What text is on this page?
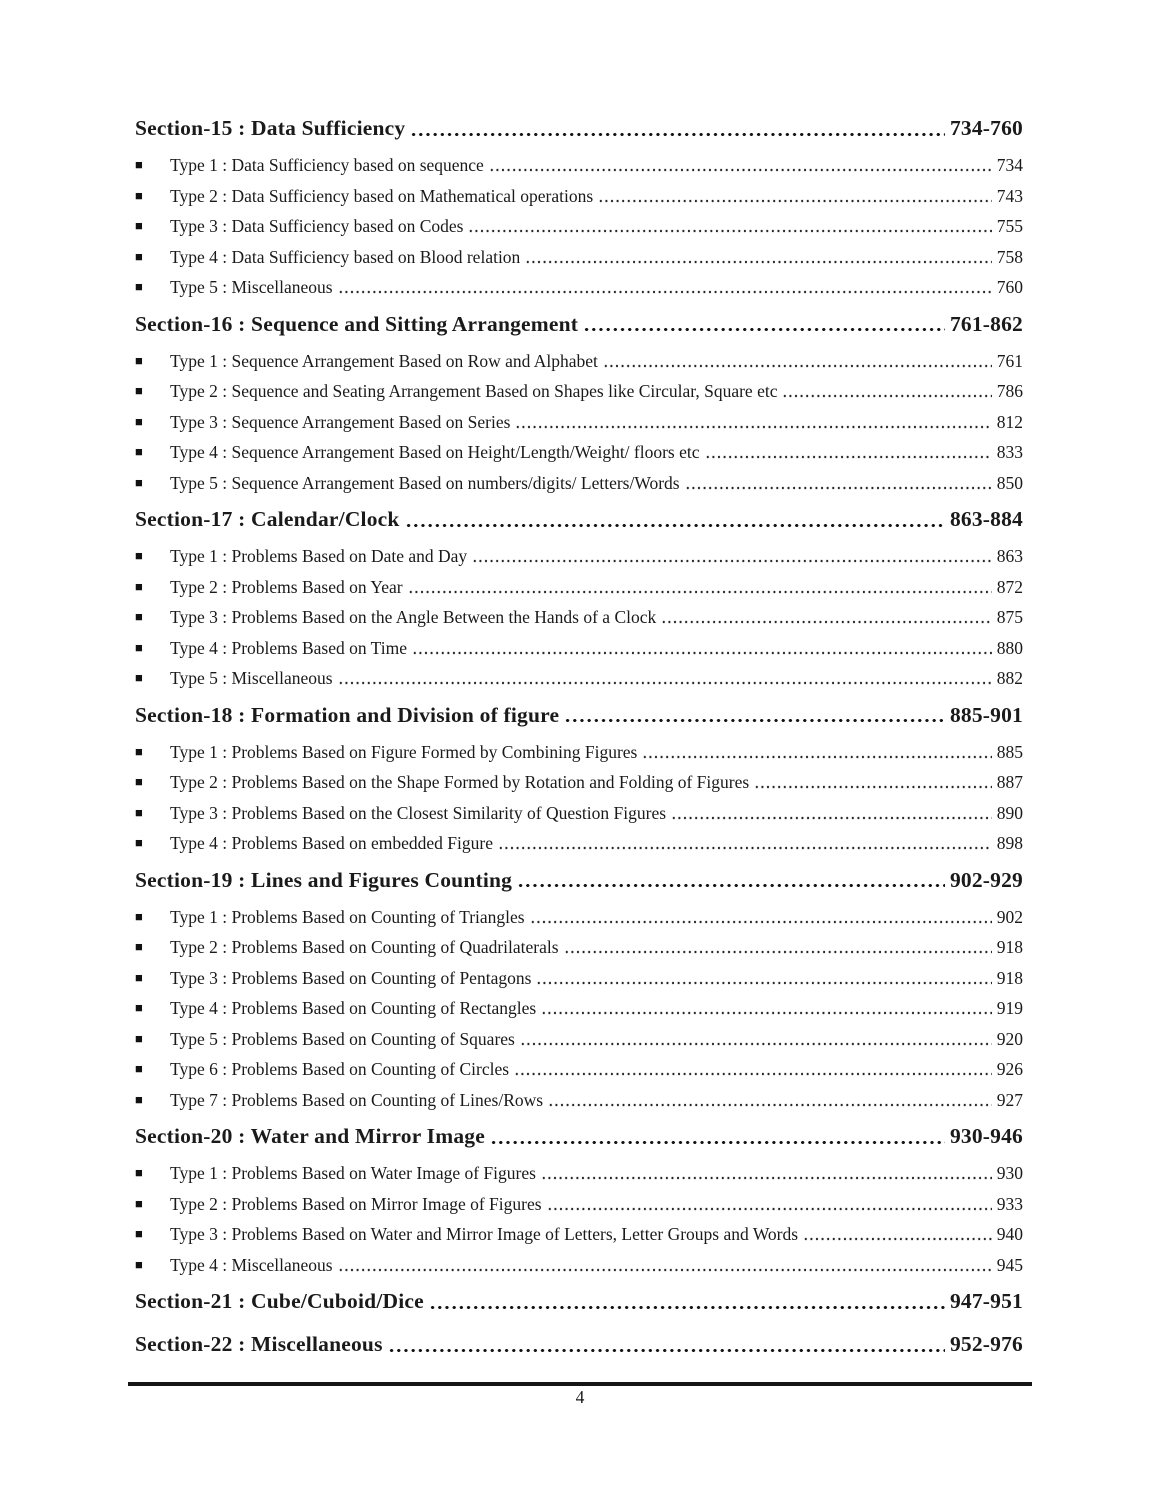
Section-15 : Data Sufficiency	734-760
■	Type 1 : Data Sufficiency based on sequence	734
■	Type 2 : Data Sufficiency based on Mathematical operations	743
■	Type 3 : Data Sufficiency based on Codes	755
■	Type 4 : Data Sufficiency based on Blood relation	758
■	Type 5 : Miscellaneous	760
Section-16 : Sequence and Sitting Arrangement	761-862
■	Type 1 : Sequence Arrangement Based on Row and Alphabet	761
■	Type 2 : Sequence and Seating Arrangement Based on Shapes like Circular, Square etc	786
■	Type 3 : Sequence Arrangement Based on Series	812
■	Type 4 : Sequence Arrangement Based on Height/Length/Weight/ floors etc	833
■	Type 5 : Sequence Arrangement Based on numbers/digits/ Letters/Words	850
Section-17 : Calendar/Clock	863-884
■	Type 1 : Problems Based on Date and Day	863
■	Type 2 : Problems Based on Year	872
■	Type 3 : Problems Based on the Angle Between the Hands of a Clock	875
■	Type 4 : Problems Based on Time	880
■	Type 5 : Miscellaneous	882
Section-18 : Formation and Division of figure	885-901
■	Type 1 : Problems Based on Figure Formed by Combining Figures	885
■	Type 2 : Problems Based on the Shape Formed by Rotation and Folding of Figures	887
■	Type 3 : Problems Based on the Closest Similarity of Question Figures	890
■	Type 4 : Problems Based on embedded Figure	898
Section-19 : Lines and Figures Counting	902-929
■	Type 1 : Problems Based on Counting of Triangles	902
■	Type 2 : Problems Based on Counting of Quadrilaterals	918
■	Type 3 : Problems Based on Counting of Pentagons	918
■	Type 4 : Problems Based on Counting of Rectangles	919
■	Type 5 : Problems Based on Counting of Squares	920
■	Type 6 : Problems Based on Counting of Circles	926
■	Type 7 : Problems Based on Counting of Lines/Rows	927
Section-20 : Water and Mirror Image	930-946
■	Type 1 : Problems Based on Water Image of Figures	930
■	Type 2 : Problems Based on Mirror Image of Figures	933
■	Type 3 : Problems Based on Water and Mirror Image of Letters, Letter Groups and Words	940
■	Type 4 : Miscellaneous	945
Section-21 : Cube/Cuboid/Dice	947-951
Section-22 : Miscellaneous	952-976
4
